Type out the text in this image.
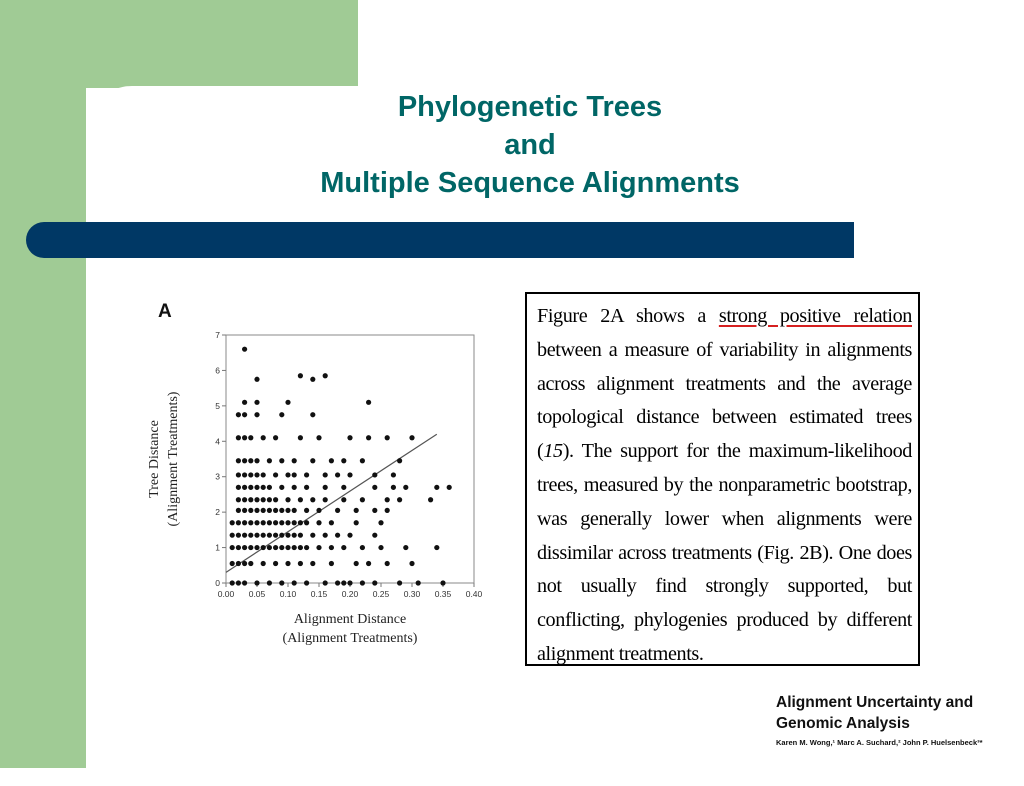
Phylogenetic Trees
and
Multiple Sequence Alignments
A
0
1
2
3
4
5
6
7
0.00 0.05 0.10 0.15 0.20 0.25 0.30 0.35 0.40
Alignment Distance
(Alignment Treatments)
Tree Distance (Alignment Treatments)
Figure 2A shows a strong positive relation between a measure of variability in alignments across alignment treatments and the average topological distance between estimated trees (15). The support for the maximum-likelihood trees, measured by the nonparametric bootstrap, was generally lower when alignments were dissimilar across treatments (Fig. 2B). One does not usually find strongly supported, but conflicting, phylogenies produced by different alignment treatments.
Alignment Uncertainty and
Genomic Analysis
Karen M. Wong,¹ Marc A. Suchard,² John P. Huelsenbeck³*
